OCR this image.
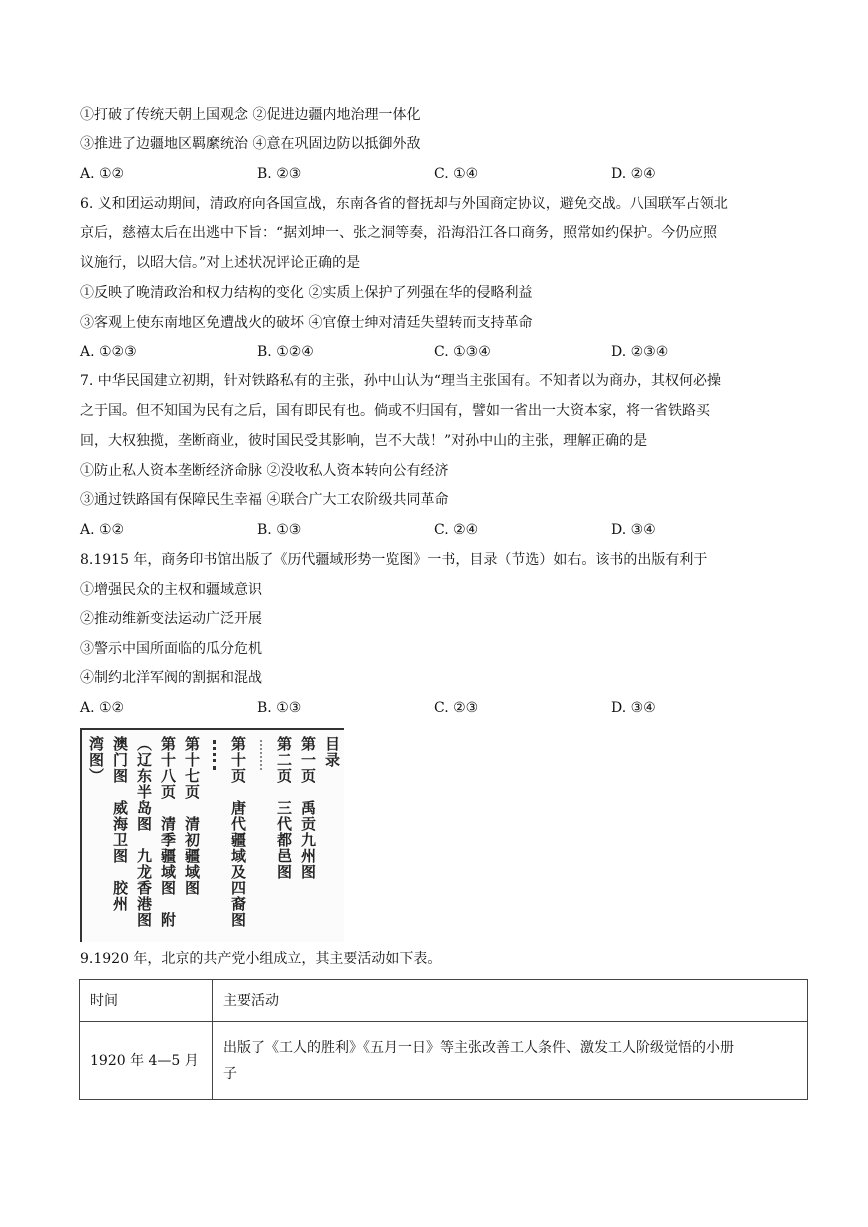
①打破了传统天朝上国观念 ②促进边疆内地治理一体化
③推进了边疆地区羁縻统治 ④意在巩固边防以抵御外敌
A. ①②	B. ②③	C. ①④	D. ②④
6. 义和团运动期间，清政府向各国宣战，东南各省的督抚却与外国商定协议，避免交战。八国联军占领北
京后，慈禧太后在出逃中下旨：“据刘坤一、张之洞等奏，沿海沿江各口商务，照常如约保护。今仍应照
议施行，以昭大信。”对上述状况评论正确的是
①反映了晚清政治和权力结构的变化 ②实质上保护了列强在华的侵略利益
③客观上使东南地区免遭战火的破坏 ④官僚士绅对清廷失望转而支持革命
A. ①②③	B. ①②④	C. ①③④	D. ②③④
7. 中华民国建立初期，针对铁路私有的主张，孙中山认为“理当主张国有。不知者以为商办，其权何必操
之于国。但不知国为民有之后，国有即民有也。倘或不归国有，譬如一省出一大资本家，将一省铁路买
回，大权独揽，垄断商业，彼时国民受其影响，岂不大哉！”对孙中山的主张，理解正确的是
①防止私人资本垄断经济命脉 ②没收私人资本转向公有经济
③通过铁路国有保障民生幸福 ④联合广大工农阶级共同革命
A. ①②	B. ①③	C. ②④	D. ③④
8.1915 年，商务印书馆出版了《历代疆域形势一览图》一书，目录（节选）如右。该书的出版有利于
①增强民众的主权和疆域意识
②推动维新变法运动广泛开展
③警示中国所面临的瓜分危机
④制约北洋军阀的割据和混战
A. ①②	B. ①③	C. ②③	D. ③④
目录
第一页　禹贡九州图
第二页　三代都邑图
第十页　唐代疆域及四裔图
第十七页　清初疆域图
第十八页　清季疆域图　附
（辽东半岛图　九龙香港图
澳门图　威海卫图　胶州
湾图）
9.1920 年，北京的共产党小组成立，其主要活动如下表。
时间	主要活动
1920 年 4—5 月	出版了《工人的胜利》《五月一日》等主张改善工人条件、激发工人阶级觉悟的小册
子
